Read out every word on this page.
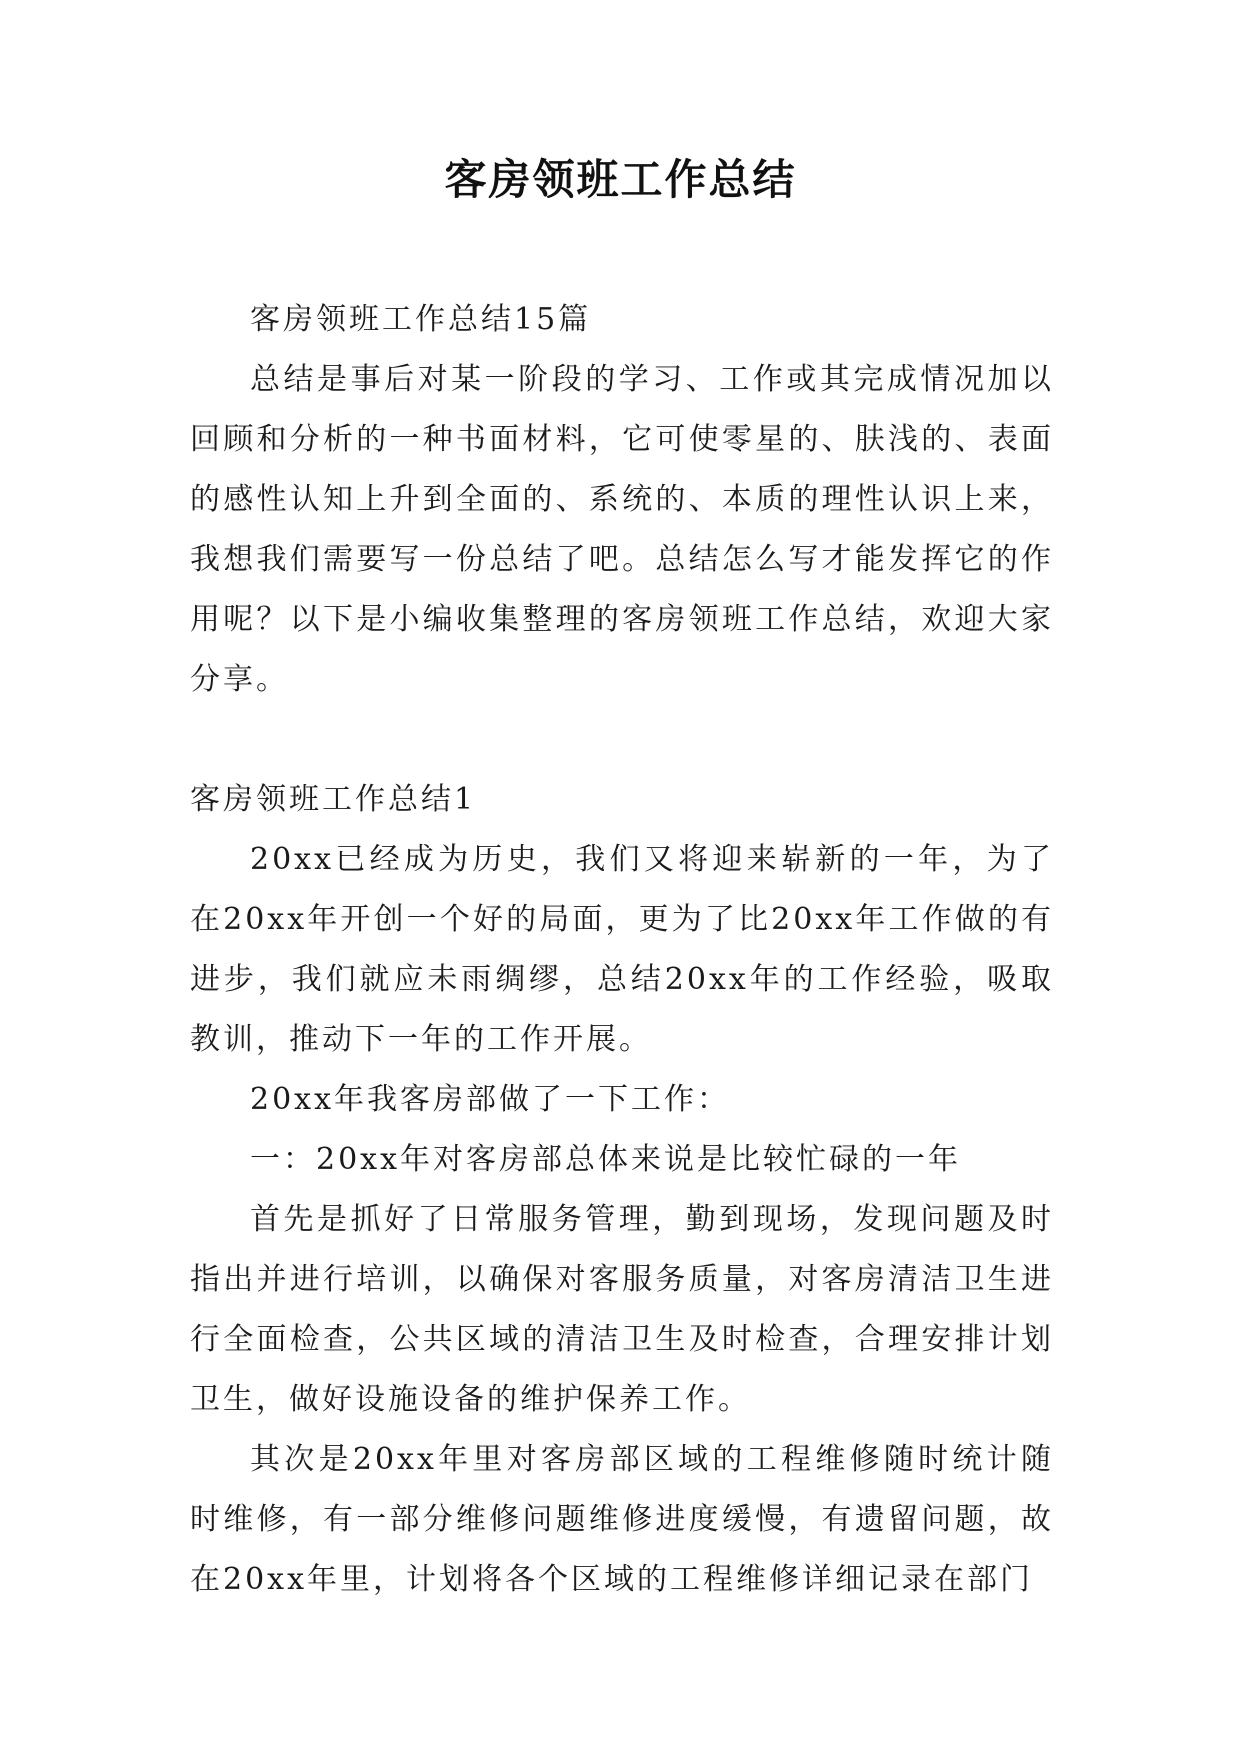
客房领班工作总结

客房领班工作总结15篇

总结是事后对某一阶段的学习、工作或其完成情况加以回顾和分析的一种书面材料，它可使零星的、肤浅的、表面的感性认知上升到全面的、系统的、本质的理性认识上来，我想我们需要写一份总结了吧。总结怎么写才能发挥它的作用呢？以下是小编收集整理的客房领班工作总结，欢迎大家分享。

客房领班工作总结1

20xx已经成为历史，我们又将迎来崭新的一年，为了在20xx年开创一个好的局面，更为了比20xx年工作做的有进步，我们就应未雨绸缪，总结20xx年的工作经验，吸取教训，推动下一年的工作开展。

20xx年我客房部做了一下工作：

一：20xx年对客房部总体来说是比较忙碌的一年

首先是抓好了日常服务管理，勤到现场，发现问题及时指出并进行培训，以确保对客服务质量，对客房清洁卫生进行全面检查，公共区域的清洁卫生及时检查，合理安排计划卫生，做好设施设备的维护保养工作。

其次是20xx年里对客房部区域的工程维修随时统计随时维修，有一部分维修问题维修进度缓慢，有遗留问题，故在20xx年里，计划将各个区域的工程维修详细记录在部门
